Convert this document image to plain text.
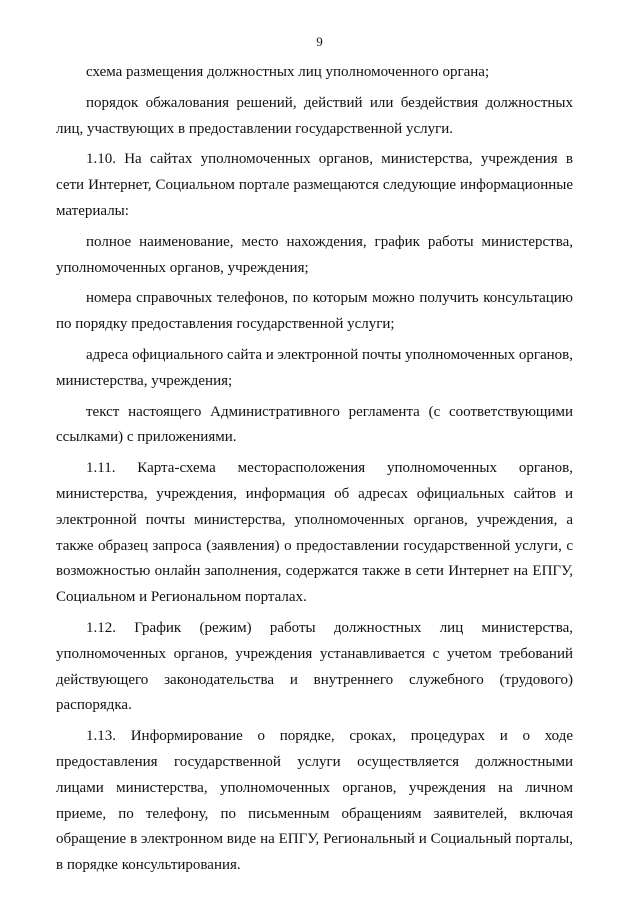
9

схема размещения должностных лиц уполномоченного органа;

порядок обжалования решений, действий или бездействия должностных лиц, участвующих в предоставлении государственной услуги.

1.10. На сайтах уполномоченных органов, министерства, учреждения в сети Интернет, Социальном портале размещаются следующие информационные материалы:

полное наименование, место нахождения, график работы министерства, уполномоченных органов, учреждения;

номера справочных телефонов, по которым можно получить консультацию по порядку предоставления государственной услуги;

адреса официального сайта и электронной почты уполномоченных органов, министерства, учреждения;

текст настоящего Административного регламента (с соответствующими ссылками) с приложениями.

1.11. Карта-схема месторасположения уполномоченных органов, министерства, учреждения, информация об адресах официальных сайтов и электронной почты министерства, уполномоченных органов, учреждения, а также образец запроса (заявления) о предоставлении государственной услуги, с возможностью онлайн заполнения, содержатся также в сети Интернет на ЕПГУ, Социальном и Региональном порталах.

1.12. График (режим) работы должностных лиц министерства, уполномоченных органов, учреждения устанавливается с учетом требований действующего законодательства и внутреннего служебного (трудового) распорядка.

1.13. Информирование о порядке, сроках, процедурах и о ходе предоставления государственной услуги осуществляется должностными лицами министерства, уполномоченных органов, учреждения на личном приеме, по телефону, по письменным обращениям заявителей, включая обращение в электронном виде на ЕПГУ, Региональный и Социальный порталы, в порядке консультирования.
